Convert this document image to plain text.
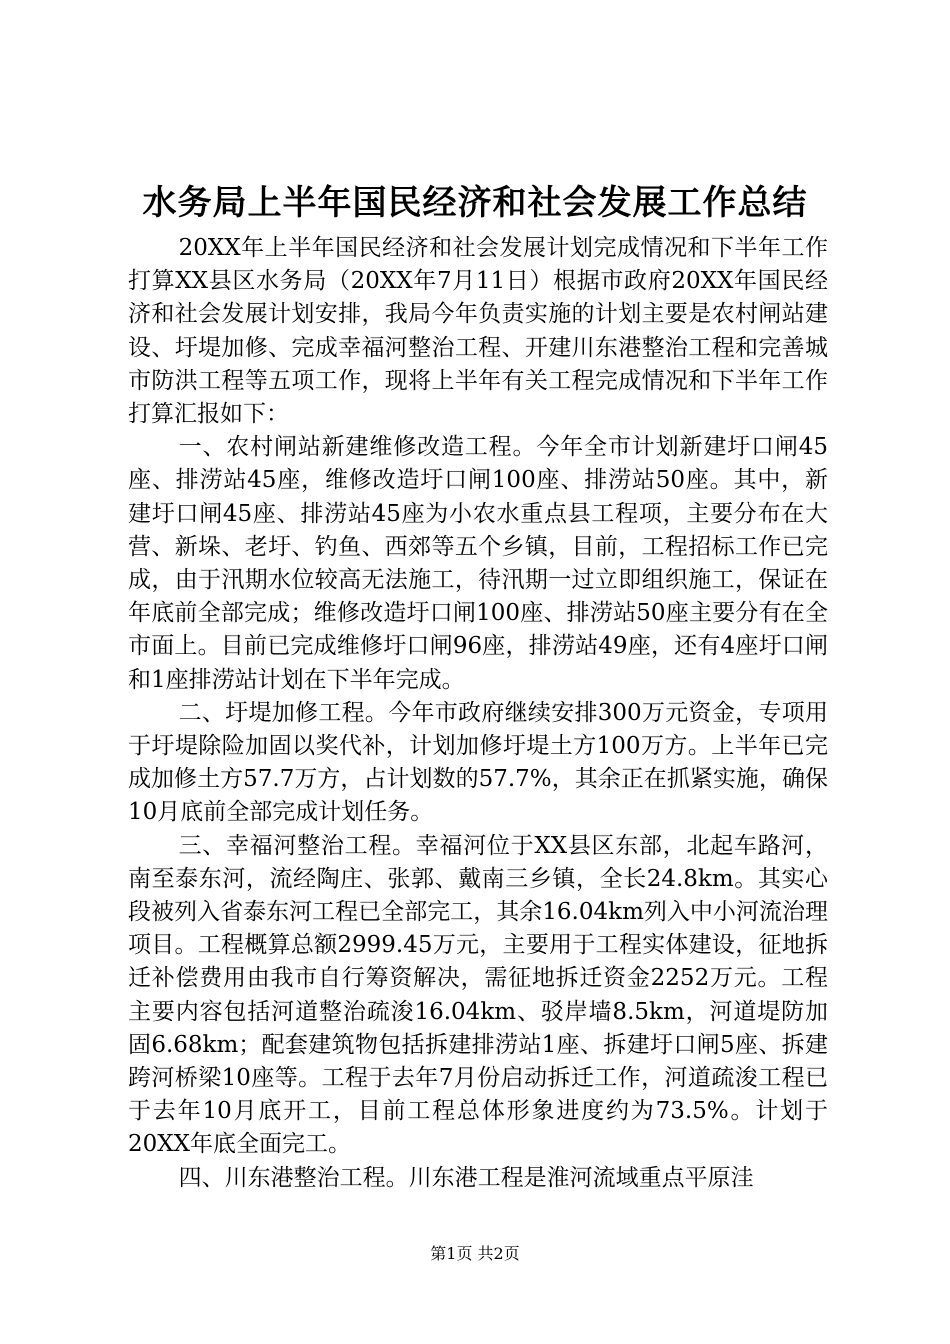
水务局上半年国民经济和社会发展工作总结

20XX年上半年国民经济和社会发展计划完成情况和下半年工作打算XX县区水务局（20XX年7月11日）根据市政府20XX年国民经济和社会发展计划安排，我局今年负责实施的计划主要是农村闸站建设、圩堤加修、完成幸福河整治工程、开建川东港整治工程和完善城市防洪工程等五项工作，现将上半年有关工程完成情况和下半年工作打算汇报如下：

一、农村闸站新建维修改造工程。今年全市计划新建圩口闸45座、排涝站45座，维修改造圩口闸100座、排涝站50座。其中，新建圩口闸45座、排涝站45座为小农水重点县工程项，主要分布在大营、新垛、老圩、钓鱼、西郊等五个乡镇，目前，工程招标工作已完成，由于汛期水位较高无法施工，待汛期一过立即组织施工，保证在年底前全部完成；维修改造圩口闸100座、排涝站50座主要分有在全市面上。目前已完成维修圩口闸96座，排涝站49座，还有4座圩口闸和1座排涝站计划在下半年完成。

二、圩堤加修工程。今年市政府继续安排300万元资金，专项用于圩堤除险加固以奖代补，计划加修圩堤土方100万方。上半年已完成加修土方57.7万方，占计划数的57.7%，其余正在抓紧实施，确保10月底前全部完成计划任务。

三、幸福河整治工程。幸福河位于XX县区东部，北起车路河，南至泰东河，流经陶庄、张郭、戴南三乡镇，全长24.8km。其实心段被列入省泰东河工程已全部完工，其余16.04km列入中小河流治理项目。工程概算总额2999.45万元，主要用于工程实体建设，征地拆迁补偿费用由我市自行筹资解决，需征地拆迁资金2252万元。工程主要内容包括河道整治疏浚16.04km、驳岸墙8.5km，河道堤防加固6.68km；配套建筑物包括拆建排涝站1座、拆建圩口闸5座、拆建跨河桥梁10座等。工程于去年7月份启动拆迁工作，河道疏浚工程已于去年10月底开工，目前工程总体形象进度约为73.5%。计划于20XX年底全面完工。

四、川东港整治工程。川东港工程是淮河流域重点平原洼

第1页 共2页
